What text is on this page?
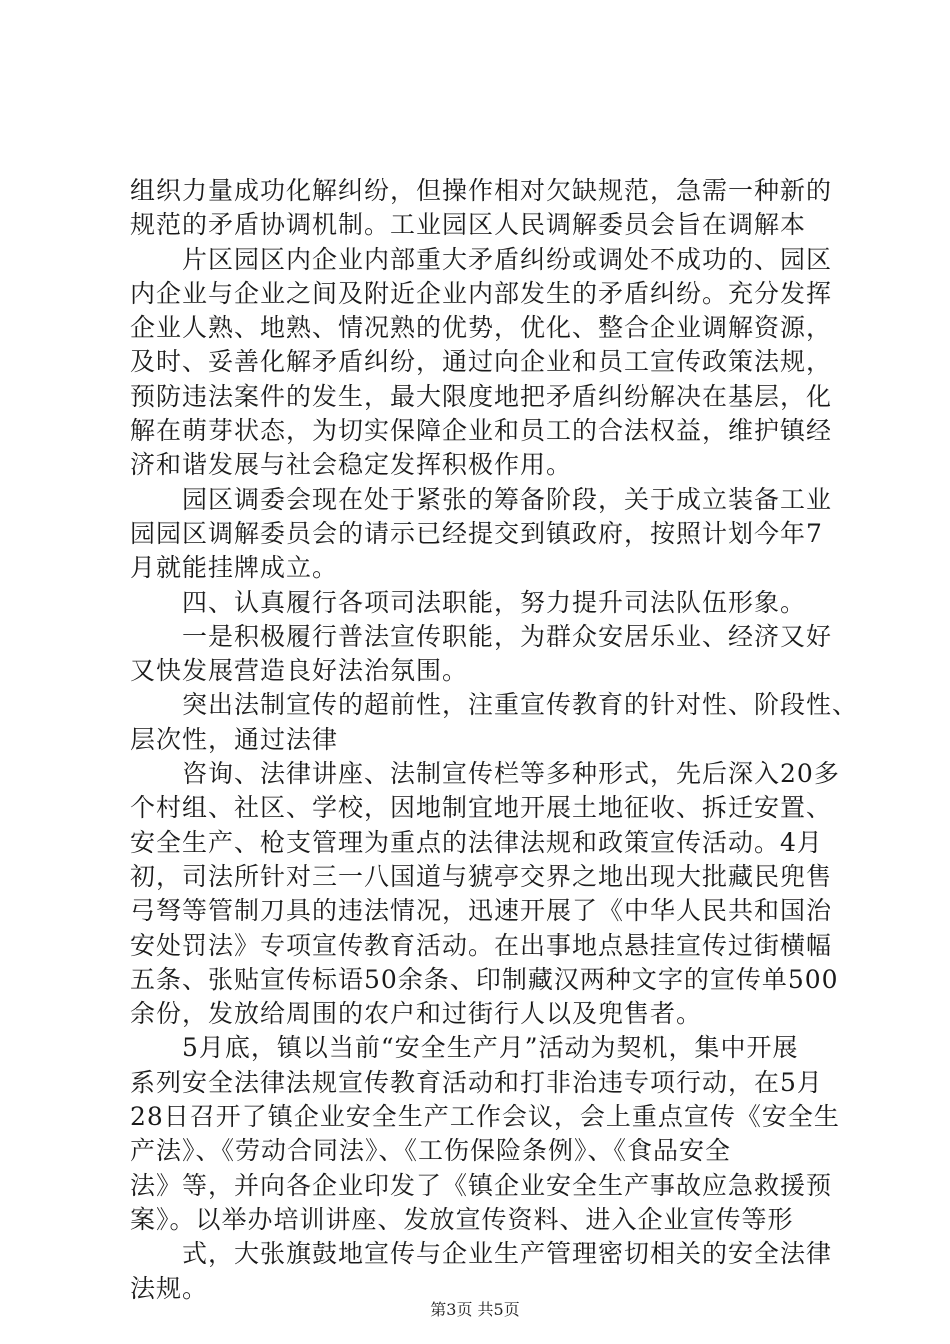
组织力量成功化解纠纷，但操作相对欠缺规范，急需一种新的
规范的矛盾协调机制。工业园区人民调解委员会旨在调解本
　　片区园区内企业内部重大矛盾纠纷或调处不成功的、园区
内企业与企业之间及附近企业内部发生的矛盾纠纷。充分发挥
企业人熟、地熟、情况熟的优势，优化、整合企业调解资源，
及时、妥善化解矛盾纠纷，通过向企业和员工宣传政策法规，
预防违法案件的发生，最大限度地把矛盾纠纷解决在基层，化
解在萌芽状态，为切实保障企业和员工的合法权益，维护镇经
济和谐发展与社会稳定发挥积极作用。
　　园区调委会现在处于紧张的筹备阶段，关于成立装备工业
园园区调解委员会的请示已经提交到镇政府，按照计划今年7
月就能挂牌成立。
　　四、认真履行各项司法职能，努力提升司法队伍形象。
　　一是积极履行普法宣传职能，为群众安居乐业、经济又好
又快发展营造良好法治氛围。
　　突出法制宣传的超前性，注重宣传教育的针对性、阶段性、
层次性，通过法律
　　咨询、法律讲座、法制宣传栏等多种形式，先后深入20多
个村组、社区、学校，因地制宜地开展土地征收、拆迁安置、
安全生产、枪支管理为重点的法律法规和政策宣传活动。4月
初，司法所针对三一八国道与猇亭交界之地出现大批藏民兜售
弓弩等管制刀具的违法情况，迅速开展了《中华人民共和国治
安处罚法》专项宣传教育活动。在出事地点悬挂宣传过街横幅
五条、张贴宣传标语50余条、印制藏汉两种文字的宣传单500
余份，发放给周围的农户和过街行人以及兜售者。
　　5月底，镇以当前“安全生产月”活动为契机，集中开展
系列安全法律法规宣传教育活动和打非治违专项行动，在5月
28日召开了镇企业安全生产工作会议，会上重点宣传《安全生
产法》、《劳动合同法》、《工伤保险条例》、《食品安全
法》等，并向各企业印发了《镇企业安全生产事故应急救援预
案》。以举办培训讲座、发放宣传资料、进入企业宣传等形
　　式，大张旗鼓地宣传与企业生产管理密切相关的安全法律
法规。
第3页 共5页
